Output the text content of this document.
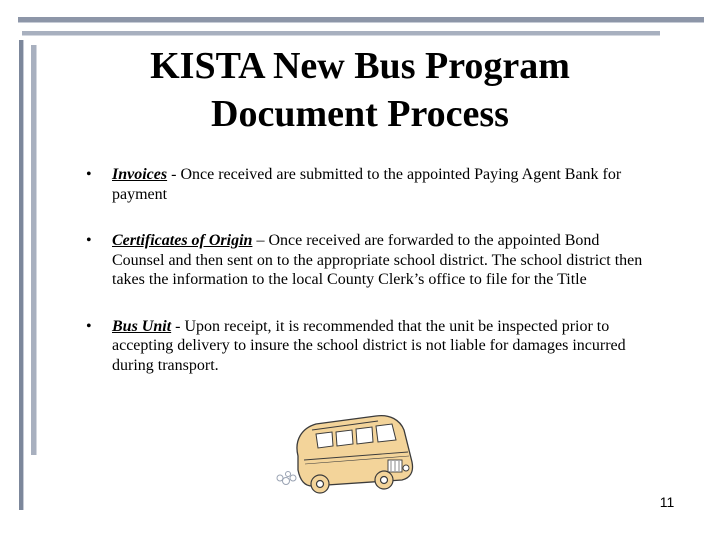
KISTA New Bus Program
Document Process
•	Invoices - Once received are submitted to the appointed Paying Agent Bank for payment
•	Certificates of Origin – Once received are forwarded to the appointed Bond Counsel and then sent on to the appropriate school district. The school district then takes the information to the local County Clerk’s office to file for the Title
•	Bus Unit - Upon receipt, it is recommended that the unit be inspected prior to accepting delivery to insure the school district is not liable for damages incurred during transport.
11
